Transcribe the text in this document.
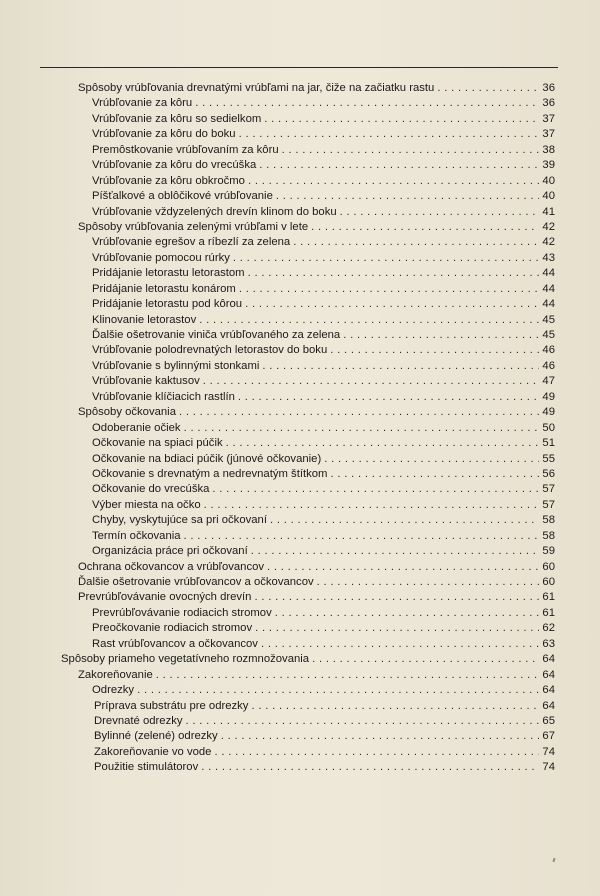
Spôsoby vrúbľovania drevnatými vrúbľami na jar, čiže na začiatku rastu . . .	36
Vrúbľovanie za kôru . . .	36
Vrúbľovanie za kôru so sedielkom . . .	37
Vrúbľovanie za kôru do boku . . .	37
Premôstkovanie vrúbľovaním za kôru . . .	38
Vrúbľovanie za kôru do vrecúška . . .	39
Vrúbľovanie za kôru obkročmo . . .	40
Píšťalkové a oblôčikové vrúbľovanie . . .	40
Vrúbľovanie vždyzelených drevín klinom do boku . . .	41
Spôsoby vrúbľovania zelenými vrúbľami v lete . . .	42
Vrúbľovanie egrešov a ríbezlí za zelena . . .	42
Vrúbľovanie pomocou rúrky . . .	43
Pridájanie letorastu letorastom . . .	44
Pridájanie letorastu konárom . . .	44
Pridájanie letorastu pod kôrou . . .	44
Klinovanie letorastov . . .	45
Ďalšie ošetrovanie viniča vrúbľovaného za zelena . . .	45
Vrúbľovanie polodrevnatých letorastov do boku . . .	46
Vrúbľovanie s bylinnými stonkami . . .	46
Vrúbľovanie kaktusov . . .	47
Vrúbľovanie klíčiacich rastlín . . .	49
Spôsoby očkovania . . .	49
Odoberanie očiek . . .	50
Očkovanie na spiaci púčik . . .	51
Očkovanie na bdiaci púčik (júnové očkovanie) . . .	55
Očkovanie s drevnatým a nedrevnatým štítkom . . .	56
Očkovanie do vrecúška . . .	57
Výber miesta na očko . . .	57
Chyby, vyskytujúce sa pri očkovaní . . .	58
Termín očkovania . . .	58
Organizácia práce pri očkovaní . . .	59
Ochrana očkovancov a vrúbľovancov . . .	60
Ďalšie ošetrovanie vrúbľovancov a očkovancov . . .	60
Prevrúbľovávanie ovocných drevín . . .	61
Prevrúbľovávanie rodiacich stromov . . .	61
Preočkovanie rodiacich stromov . . .	62
Rast vrúbľovancov a očkovancov . . .	63
Spôsoby priameho vegetatívneho rozmnožovania . . .	64
Zakoreňovanie . . .	64
Odrezky . . .	64
Príprava substrátu pre odrezky . . .	64
Drevnaté odrezky . . .	65
Bylinné (zelené) odrezky . . .	67
Zakoreňovanie vo vode . . .	74
Použitie stimulátorov . . .	74
